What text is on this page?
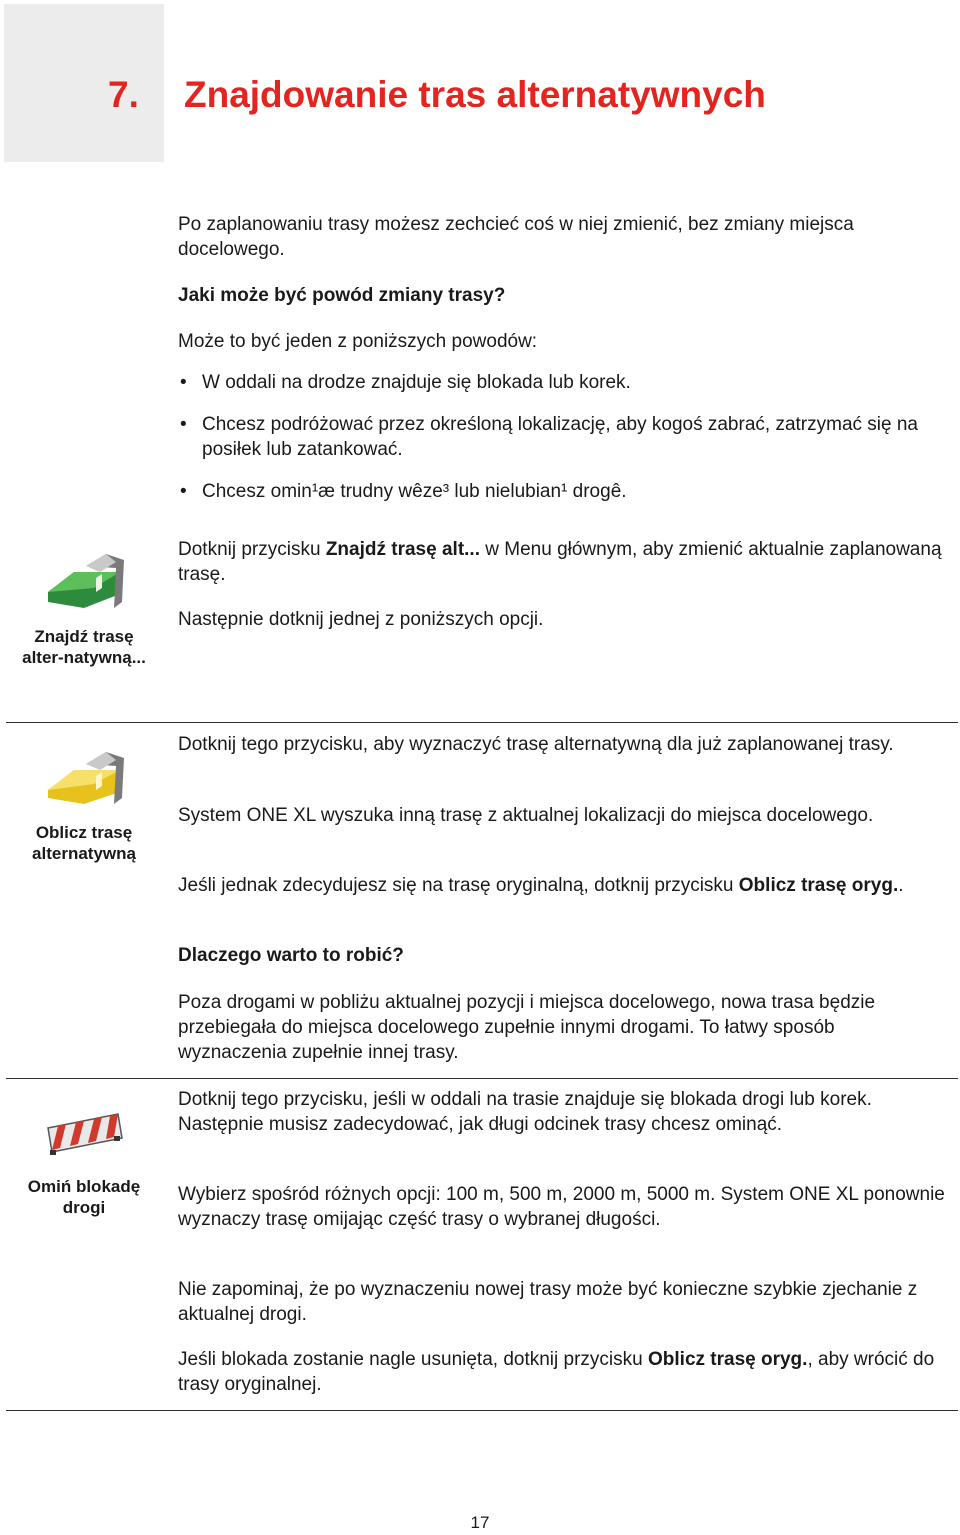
7. Znajdowanie tras alternatywnych

Po zaplanowaniu trasy możesz zechcieć coś w niej zmienić, bez zmiany miejsca docelowego.

Jaki może być powód zmiany trasy?

Może to być jeden z poniższych powodów:

• W oddali na drodze znajduje się blokada lub korek.

• Chcesz podróżować przez określoną lokalizację, aby kogoś zabrać, zatrzymać się na posiłek lub zatankować.

• Chcesz omin¹æ trudny wêze³ lub nielubian¹ drogê.

Znajdź trasę alter-natywną...

Dotknij przycisku Znajdź trasę alt... w Menu głównym, aby zmienić aktualnie zaplanowaną trasę.

Następnie dotknij jednej z poniższych opcji.

Oblicz trasę alternatywną

Dotknij tego przycisku, aby wyznaczyć trasę alternatywną dla już zaplanowanej trasy.

System ONE XL wyszuka inną trasę z aktualnej lokalizacji do miejsca docelowego.

Jeśli jednak zdecydujesz się na trasę oryginalną, dotknij przycisku Oblicz trasę oryg..

Dlaczego warto to robić?

Poza drogami w pobliżu aktualnej pozycji i miejsca docelowego, nowa trasa będzie przebiegała do miejsca docelowego zupełnie innymi drogami. To łatwy sposób wyznaczenia zupełnie innej trasy.

Omiń blokadę drogi

Dotknij tego przycisku, jeśli w oddali na trasie znajduje się blokada drogi lub korek. Następnie musisz zadecydować, jak długi odcinek trasy chcesz ominąć.

Wybierz spośród różnych opcji: 100 m, 500 m, 2000 m, 5000 m. System ONE XL ponownie wyznaczy trasę omijając część trasy o wybranej długości.

Nie zapominaj, że po wyznaczeniu nowej trasy może być konieczne szybkie zjechanie z aktualnej drogi.

Jeśli blokada zostanie nagle usunięta, dotknij przycisku Oblicz trasę oryg., aby wrócić do trasy oryginalnej.

17
